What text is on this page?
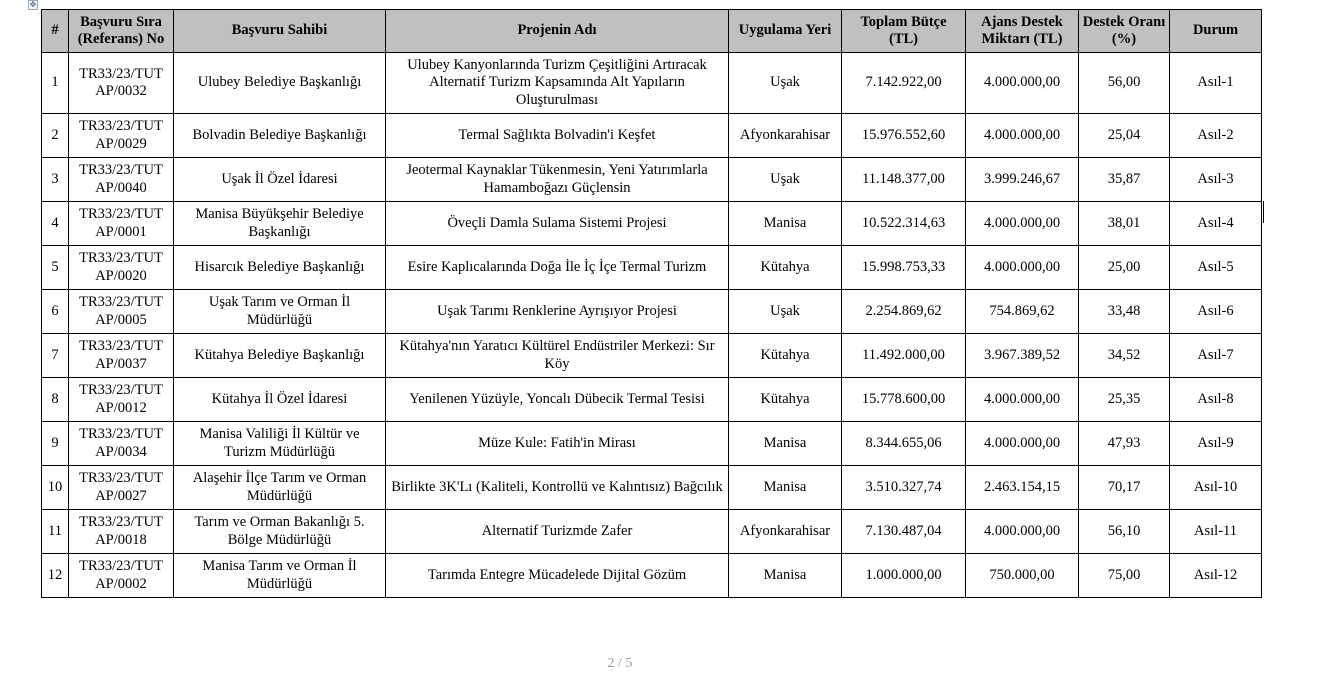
✥
#	Başvuru Sıra (Referans) No	Başvuru Sahibi	Projenin Adı	Uygulama Yeri	Toplam Bütçe (TL)	Ajans Destek Miktarı (TL)	Destek Oranı (%)	Durum
1	TR33/23/TUT AP/0032	Ulubey Belediye Başkanlığı	Ulubey Kanyonlarında Turizm Çeşitliğini Artıracak Alternatif Turizm Kapsamında Alt Yapıların Oluşturulması	Uşak	7.142.922,00	4.000.000,00	56,00	Asıl-1
2	TR33/23/TUT AP/0029	Bolvadin Belediye Başkanlığı	Termal Sağlıkta Bolvadin'i Keşfet	Afyonkarahisar	15.976.552,60	4.000.000,00	25,04	Asıl-2
3	TR33/23/TUT AP/0040	Uşak İl Özel İdaresi	Jeotermal Kaynaklar Tükenmesin, Yeni Yatırımlarla Hamamboğazı Güçlensin	Uşak	11.148.377,00	3.999.246,67	35,87	Asıl-3
4	TR33/23/TUT AP/0001	Manisa Büyükşehir Belediye Başkanlığı	Öveçli Damla Sulama Sistemi Projesi	Manisa	10.522.314,63	4.000.000,00	38,01	Asıl-4
5	TR33/23/TUT AP/0020	Hisarcık Belediye Başkanlığı	Esire Kaplıcalarında Doğa İle İç İçe Termal Turizm	Kütahya	15.998.753,33	4.000.000,00	25,00	Asıl-5
6	TR33/23/TUT AP/0005	Uşak Tarım ve Orman İl Müdürlüğü	Uşak Tarımı Renklerine Ayrışıyor Projesi	Uşak	2.254.869,62	754.869,62	33,48	Asıl-6
7	TR33/23/TUT AP/0037	Kütahya Belediye Başkanlığı	Kütahya'nın Yaratıcı Kültürel Endüstriler Merkezi: Sır Köy	Kütahya	11.492.000,00	3.967.389,52	34,52	Asıl-7
8	TR33/23/TUT AP/0012	Kütahya İl Özel İdaresi	Yenilenen Yüzüyle, Yoncalı Dübecik Termal Tesisi	Kütahya	15.778.600,00	4.000.000,00	25,35	Asıl-8
9	TR33/23/TUT AP/0034	Manisa Valiliği İl Kültür ve Turizm Müdürlüğü	Müze Kule: Fatih'in Mirası	Manisa	8.344.655,06	4.000.000,00	47,93	Asıl-9
10	TR33/23/TUT AP/0027	Alaşehir İlçe Tarım ve Orman Müdürlüğü	Birlikte 3K'Lı (Kaliteli, Kontrollü ve Kalıntısız) Bağcılık	Manisa	3.510.327,74	2.463.154,15	70,17	Asıl-10
11	TR33/23/TUT AP/0018	Tarım ve Orman Bakanlığı 5. Bölge Müdürlüğü	Alternatif Turizmde Zafer	Afyonkarahisar	7.130.487,04	4.000.000,00	56,10	Asıl-11
12	TR33/23/TUT AP/0002	Manisa Tarım ve Orman İl Müdürlüğü	Tarımda Entegre Mücadelede Dijital Gözüm	Manisa	1.000.000,00	750.000,00	75,00	Asıl-12
2 / 5
